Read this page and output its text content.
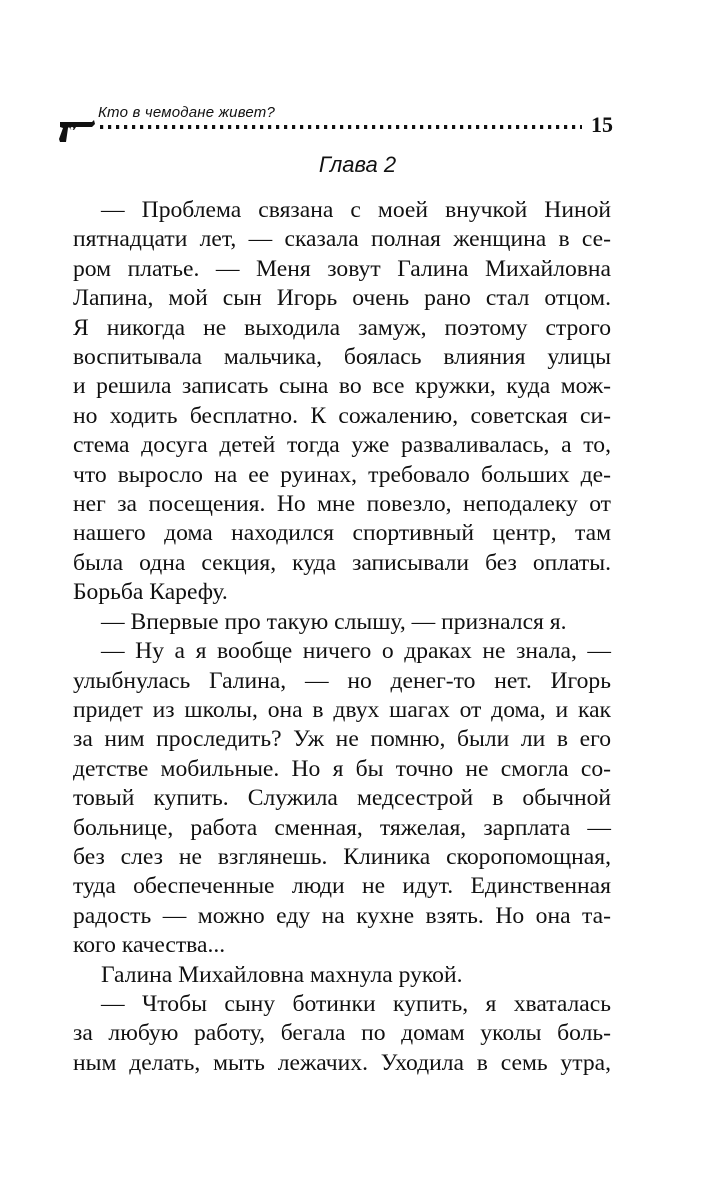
Кто в чемодане живет?	15
Глава 2
— Проблема связана с моей внучкой Ниной
пятнадцати лет, — сказала полная женщина в се-
ром платье. — Меня зовут Галина Михайловна
Лапина, мой сын Игорь очень рано стал отцом.
Я никогда не выходила замуж, поэтому строго
воспитывала мальчика, боялась влияния улицы
и решила записать сына во все кружки, куда мож-
но ходить бесплатно. К сожалению, советская си-
стема досуга детей тогда уже разваливалась, а то,
что выросло на ее руинах, требовало больших де-
нег за посещения. Но мне повезло, неподалеку от
нашего дома находился спортивный центр, там
была одна секция, куда записывали без оплаты.
Борьба Карефу.
— Впервые про такую слышу, — признался я.
— Ну а я вообще ничего о драках не знала, —
улыбнулась Галина, — но денег-то нет. Игорь
придет из школы, она в двух шагах от дома, и как
за ним проследить? Уж не помню, были ли в его
детстве мобильные. Но я бы точно не смогла со-
товый купить. Служила медсестрой в обычной
больнице, работа сменная, тяжелая, зарплата —
без слез не взглянешь. Клиника скоропомощная,
туда обеспеченные люди не идут. Единственная
радость — можно еду на кухне взять. Но она та-
кого качества...
Галина Михайловна махнула рукой.
— Чтобы сыну ботинки купить, я хваталась
за любую работу, бегала по домам уколы боль-
ным делать, мыть лежачих. Уходила в семь утра,
